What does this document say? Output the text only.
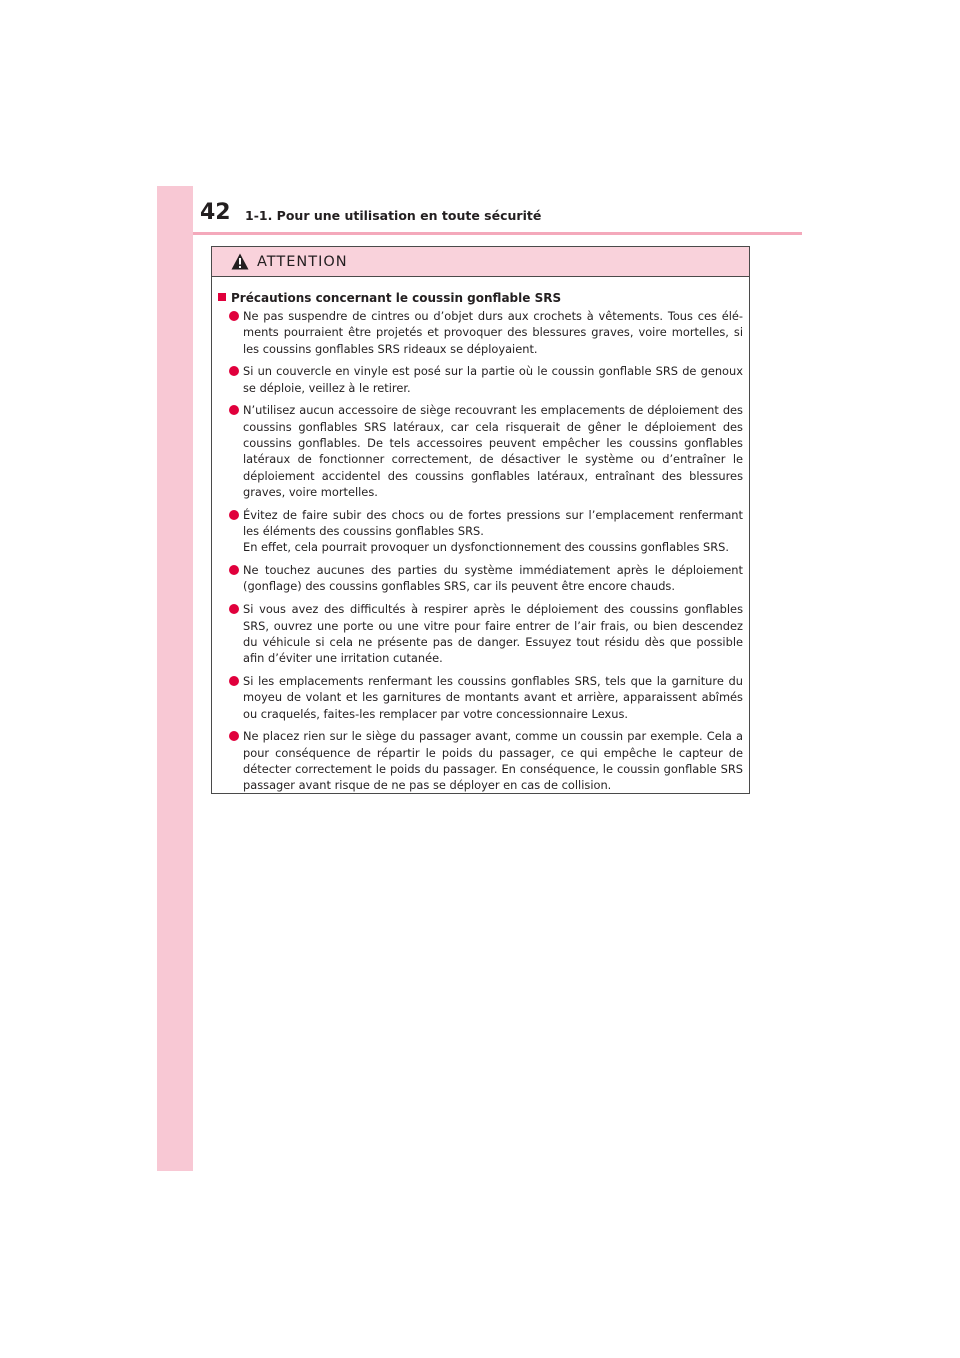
42 1-1. Pour une utilisation en toute sécurité
ATTENTION
Précautions concernant le coussin gonflable SRS

Ne pas suspendre de cintres ou d’objet durs aux crochets à vêtements. Tous ces élé-ments pourraient être projetés et provoquer des blessures graves, voire mortelles, si les coussins gonflables SRS rideaux se déployaient.

Si un couvercle en vinyle est posé sur la partie où le coussin gonflable SRS de genoux se déploie, veillez à le retirer.

N’utilisez aucun accessoire de siège recouvrant les emplacements de déploiement des coussins gonflables SRS latéraux, car cela risquerait de gêner le déploiement des coussins gonflables. De tels accessoires peuvent empêcher les coussins gonflables latéraux de fonctionner correctement, de désactiver le système ou d’entraîner le déploiement accidentel des coussins gonflables latéraux, entraînant des blessures graves, voire mortelles.

Évitez de faire subir des chocs ou de fortes pressions sur l’emplacement renfermant les éléments des coussins gonflables SRS.

En effet, cela pourrait provoquer un dysfonctionnement des coussins gonflables SRS.

Ne touchez aucunes des parties du système immédiatement après le déploiement (gonflage) des coussins gonflables SRS, car ils peuvent être encore chauds.

Si vous avez des difficultés à respirer après le déploiement des coussins gonflables SRS, ouvrez une porte ou une vitre pour faire entrer de l’air frais, ou bien descendez du véhicule si cela ne présente pas de danger. Essuyez tout résidu dès que possible afin d’éviter une irritation cutanée.

Si les emplacements renfermant les coussins gonflables SRS, tels que la garniture du moyeu de volant et les garnitures de montants avant et arrière, apparaissent abîmés ou craquelés, faites-les remplacer par votre concessionnaire Lexus.

Ne placez rien sur le siège du passager avant, comme un coussin par exemple. Cela a pour conséquence de répartir le poids du passager, ce qui empêche le capteur de détecter correctement le poids du passager. En conséquence, le coussin gonflable SRS passager avant risque de ne pas se déployer en cas de collision.
